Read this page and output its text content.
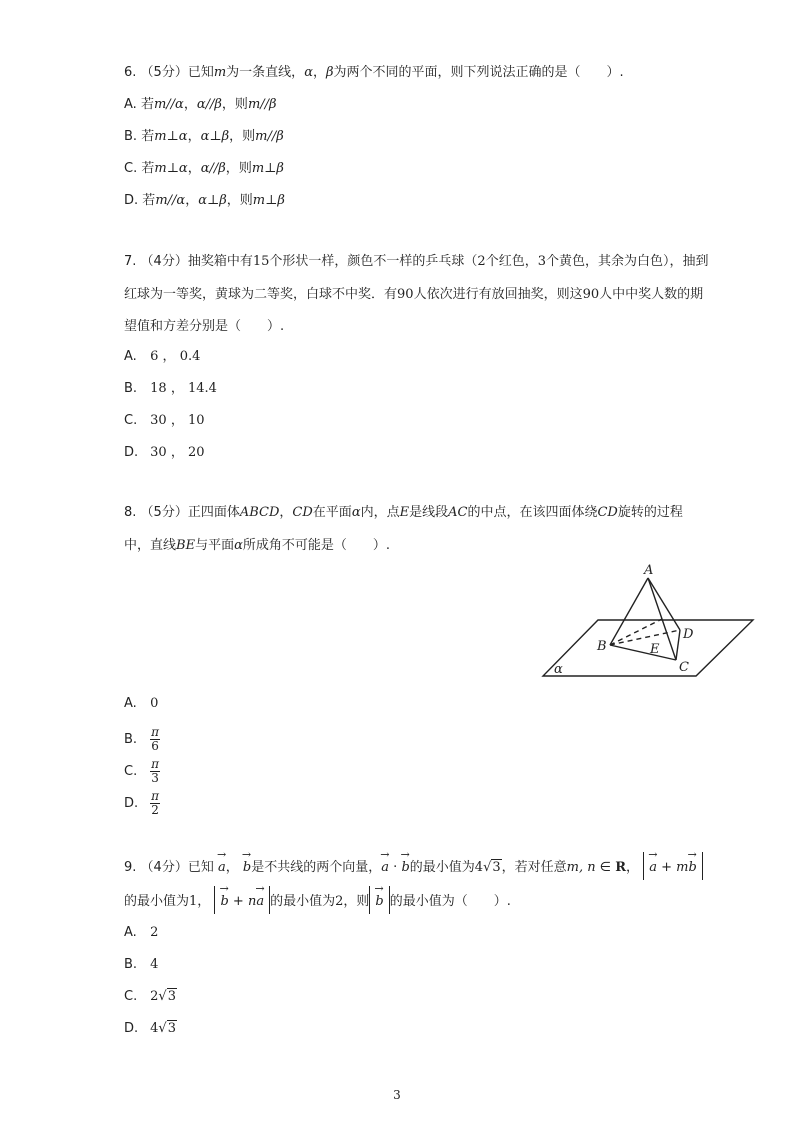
6. （5分）已知m为一条直线，α，β为两个不同的平面，则下列说法正确的是（　　）.
A. 若m//α，α//β，则m//β
B. 若m⊥α，α⊥β，则m//β
C. 若m⊥α，α//β，则m⊥β
D. 若m//α，α⊥β，则m⊥β
7. （4分）抽奖箱中有15个形状一样，颜色不一样的乒乓球（2个红色，3个黄色，其余为白色），抽到
红球为一等奖，黄球为二等奖，白球不中奖．有90人依次进行有放回抽奖，则这90人中中奖人数的期
望值和方差分别是（　　）.
A. 6 ， 0.4
B. 18 ， 14.4
C. 30 ， 10
D. 30 ， 20
8. （5分）正四面体ABCD，CD在平面α内，点E是线段AC的中点，在该四面体绕CD旋转的过程
中，直线BE与平面α所成角不可能是（　　）.
A
B
C
D
E
α
A. 0
B. $\frac{\pi}{6}$
C. $\frac{\pi}{3}$
D. $\frac{\pi}{2}$
9. （4分）已知 → a， → b是不共线的两个向量，→ a · → b的最小值为4√3，若对任意m, n ∈ R， → a + m→ b
的最小值为1， → b + n→ a 的最小值为2，则 → b 的最小值为（　　）.
A. 2
B. 4
C. 2√3
D. 4√3
3
